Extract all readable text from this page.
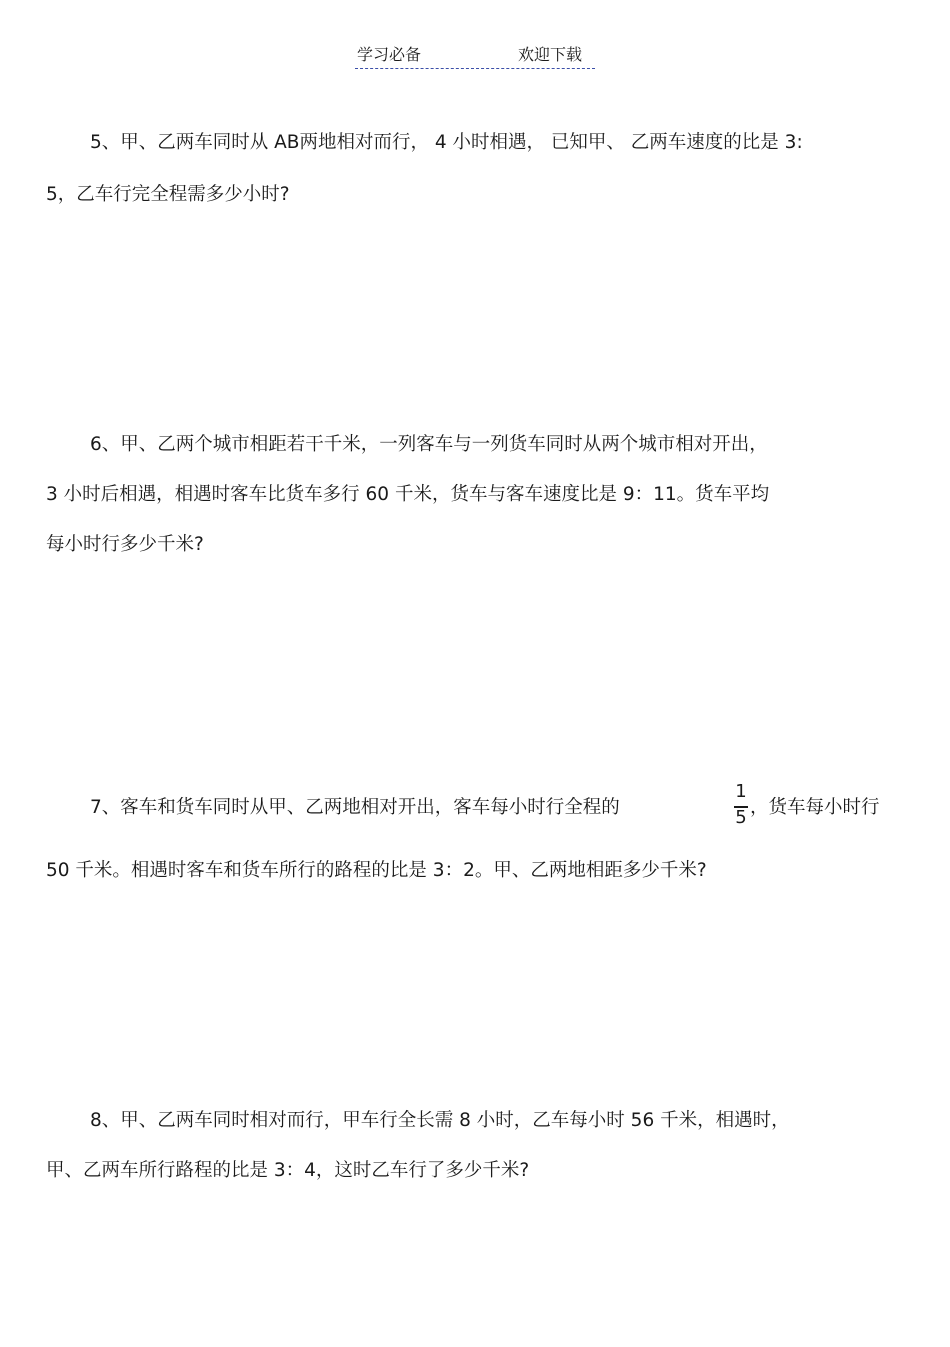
学习必备	欢迎下载
5、甲、乙两车同时从 AB两地相对而行， 4 小时相遇， 已知甲、 乙两车速度的比是 3:
5，乙车行完全程需多少小时?
6、甲、乙两个城市相距若干千米，一列客车与一列货车同时从两个城市相对开出，
3 小时后相遇，相遇时客车比货车多行 60 千米，货车与客车速度比是 9：11。货车平均
每小时行多少千米?
7、客车和货车同时从甲、乙两地相对开出，客车每小时行全程的
1
5 ，货车每小时行
50 千米。相遇时客车和货车所行的路程的比是 3：2。甲、乙两地相距多少千米?
8、甲、乙两车同时相对而行，甲车行全长需 8 小时，乙车每小时 56 千米，相遇时，
甲、乙两车所行路程的比是 3：4，这时乙车行了多少千米?
